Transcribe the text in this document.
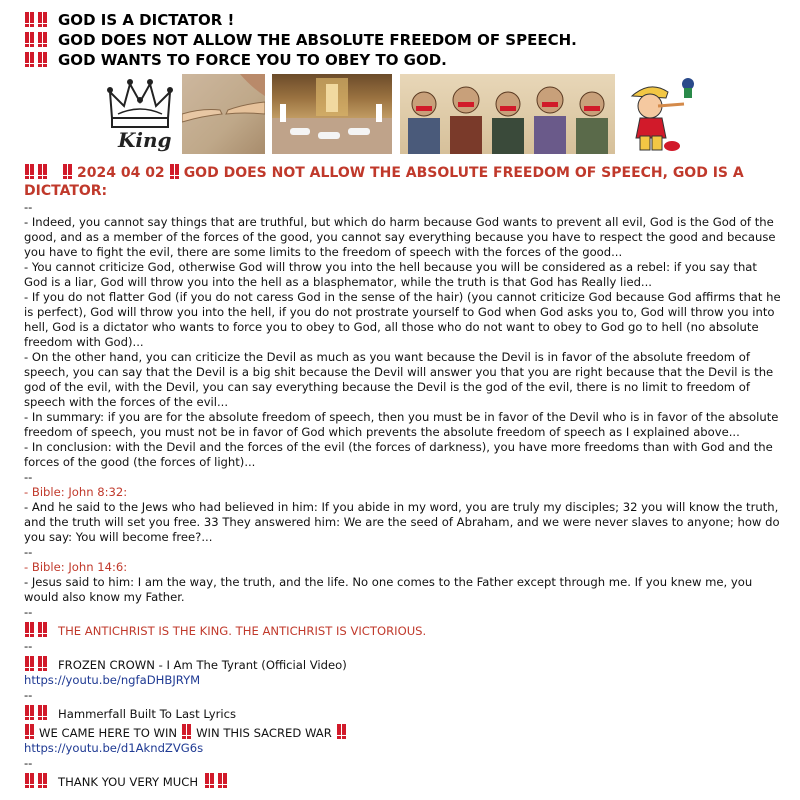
GOD IS A DICTATOR !
GOD DOES NOT ALLOW THE ABSOLUTE FREEDOM OF SPEECH.
GOD WANTS TO FORCE YOU TO OBEY TO GOD.
King
2024 04 02 GOD DOES NOT ALLOW THE ABSOLUTE FREEDOM OF SPEECH, GOD IS A DICTATOR:

--

- Indeed, you cannot say things that are truthful, but which do harm because God wants to prevent all evil, God is the God of the good, and as a member of the forces of the good, you cannot say everything because you have to respect the good and because you have to fight the evil, there are some limits to the freedom of speech with the forces of the good...

- You cannot criticize God, otherwise God will throw you into the hell because you will be considered as a rebel: if you say that God is a liar, God will throw you into the hell as a blasphemator, while the truth is that God has Really lied...

- If you do not flatter God (if you do not caress God in the sense of the hair) (you cannot criticize God because God affirms that he is perfect), God will throw you into the hell, if you do not prostrate yourself to God when God asks you to, God will throw you into hell, God is a dictator who wants to force you to obey to God, all those who do not want to obey to God go to hell (no absolute freedom with God)...

- On the other hand, you can criticize the Devil as much as you want because the Devil is in favor of the absolute freedom of speech, you can say that the Devil is a big shit because the Devil will answer you that you are right because that the Devil is the god of the evil, with the Devil, you can say everything because the Devil is the god of the evil, there is no limit to freedom of speech with the forces of the evil...

- In summary: if you are for the absolute freedom of speech, then you must be in favor of the Devil who is in favor of the absolute freedom of speech, you must not be in favor of God which prevents the absolute freedom of speech as I explained above...

- In conclusion: with the Devil and the forces of the evil (the forces of darkness), you have more freedoms than with God and the forces of the good (the forces of light)...

--

- Bible: John 8:32:

- And he said to the Jews who had believed in him: If you abide in my word, you are truly my disciples; 32 you will know the truth, and the truth will set you free. 33 They answered him: We are the seed of Abraham, and we were never slaves to anyone; how do you say: You will become free?...

--

- Bible: John 14:6:

- Jesus said to him: I am the way, the truth, and the life. No one comes to the Father except through me. If you knew me, you would also know my Father.

--

THE ANTICHRIST IS THE KING. THE ANTICHRIST IS VICTORIOUS.

--

FROZEN CROWN - I Am The Tyrant (Official Video)

https://youtu.be/ngfaDHBJRYM

--

Hammerfall Built To Last Lyrics

WE CAME HERE TO WIN WIN THIS SACRED WAR

https://youtu.be/d1AkndZVG6s

--

THANK YOU VERY MUCH
